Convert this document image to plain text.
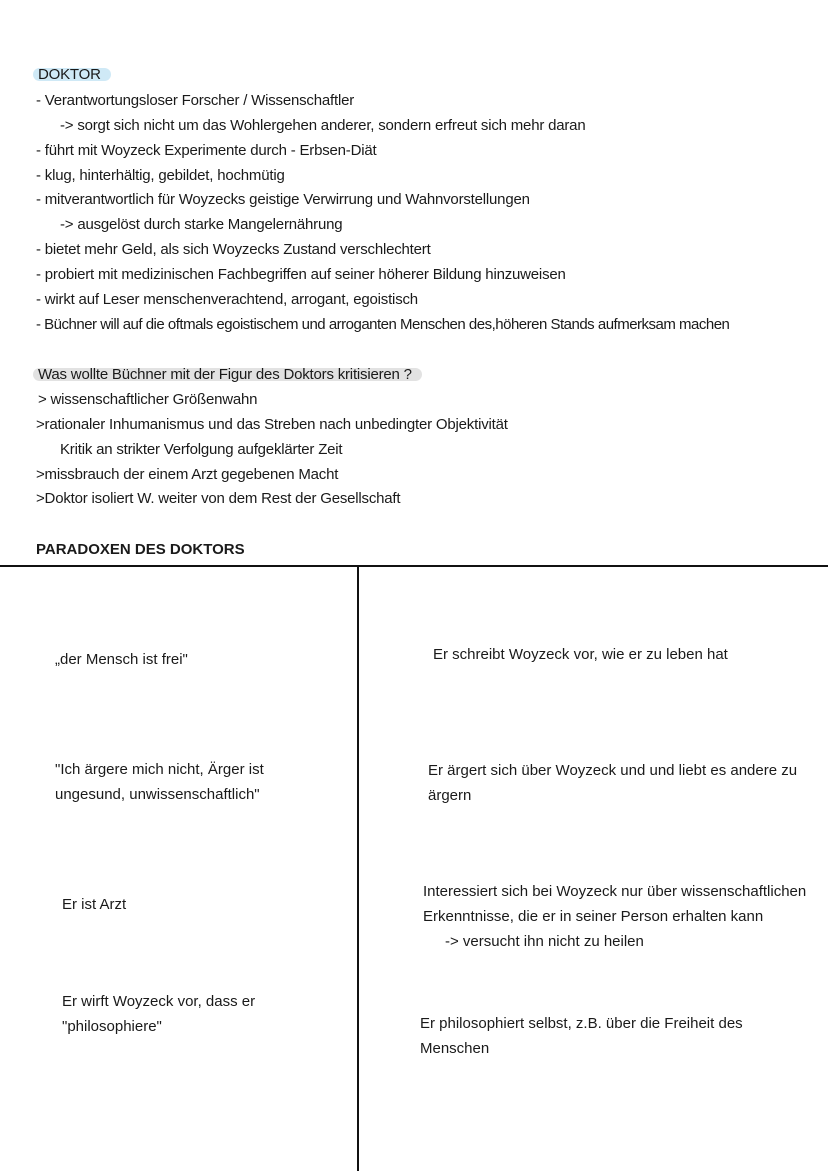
DOKTOR
- Verantwortungsloser Forscher / Wissenschaftler
-> sorgt sich nicht um das Wohlergehen anderer, sondern erfreut sich mehr daran
- führt mit Woyzeck Experimente durch - Erbsen-Diät
- klug, hinterhältig, gebildet, hochmütig
- mitverantwortlich für Woyzecks geistige Verwirrung und Wahnvorstellungen
-> ausgelöst durch starke Mangelernährung
- bietet mehr Geld, als sich Woyzecks Zustand verschlechtert
- probiert mit medizinischen Fachbegriffen auf seiner höherer Bildung hinzuweisen
- wirkt auf Leser menschenverachtend, arrogant, egoistisch
- Büchner will auf die oftmals egoistischem und arroganten Menschen des,höheren Stands aufmerksam machen
Was wollte Büchner mit der Figur des Doktors kritisieren ?
> wissenschaftlicher Größenwahn
>rationaler Inhumanismus und das Streben nach unbedingter Objektivität
Kritik an strikter Verfolgung aufgeklärter Zeit
>missbrauch der einem Arzt gegebenen Macht
>Doktor isoliert W. weiter von dem Rest der Gesellschaft
PARADOXEN DES DOKTORS
„der Mensch ist frei"	Er schreibt Woyzeck vor, wie er zu leben hat
"Ich ärgere mich nicht, Ärger ist ungesund, unwissenschaftlich"
Er ärgert sich über Woyzeck und und liebt es andere zu ärgern
Er ist Arzt
Interessiert sich bei Woyzeck nur über wissenschaftlichen Erkenntnisse, die er in seiner Person erhalten kann
-> versucht ihn nicht zu heilen
Er wirft Woyzeck vor, dass er "philosophiere"	Er philosophiert selbst, z.B. über die Freiheit des Menschen
